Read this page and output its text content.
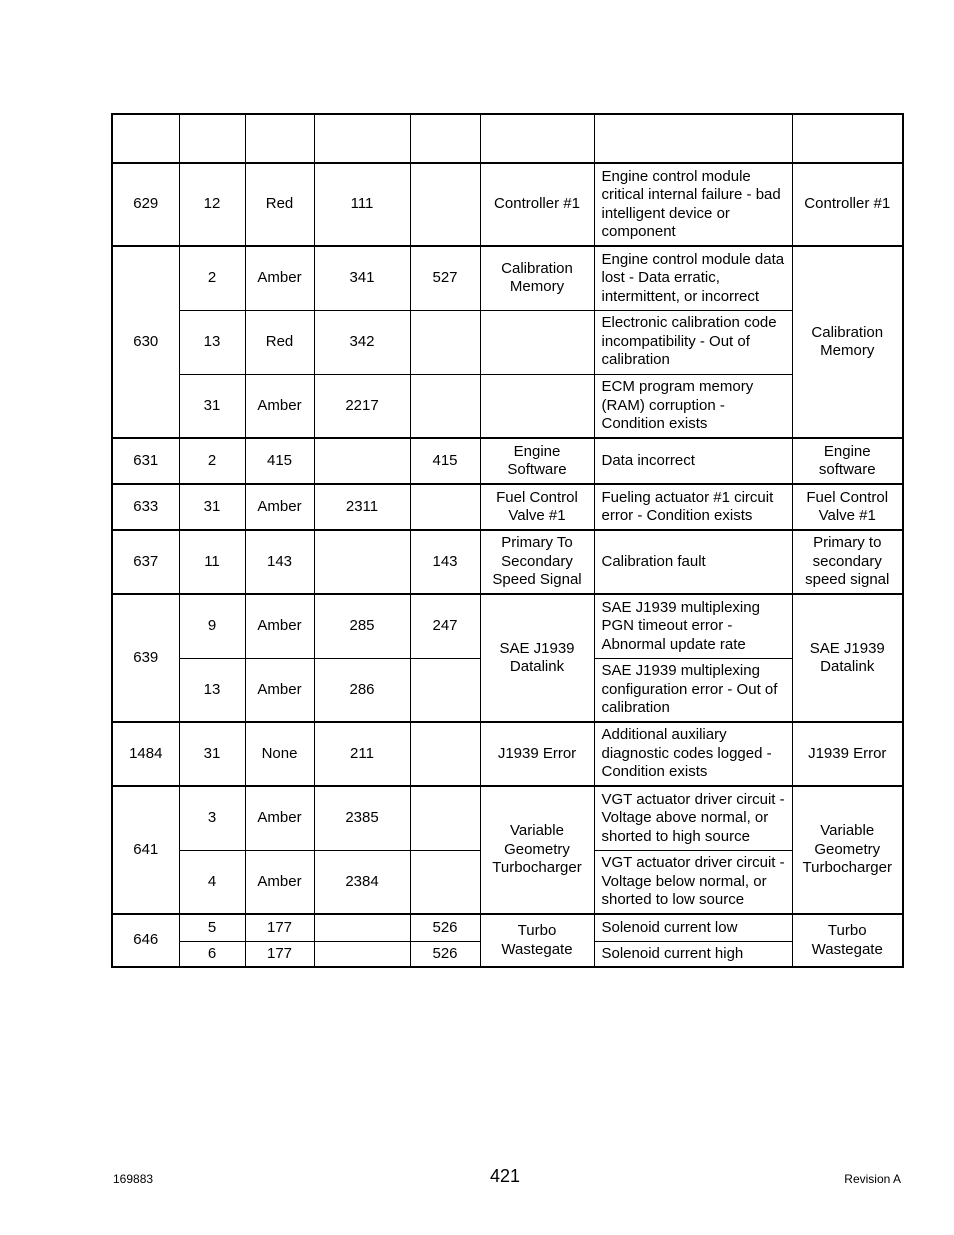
629	12	Red	111		Controller #1	Engine control module critical internal failure - bad intelligent device or component	Controller #1
630	2	Amber	341	527	Calibration Memory	Engine control module data lost - Data erratic, intermittent, or incorrect	Calibration Memory
	13	Red	342			Electronic calibration code incompatibility - Out of calibration	
	31	Amber	2217			ECM program memory (RAM) corruption - Condition exists	
631	2	415		415	Engine Software	Data incorrect	Engine software
633	31	Amber	2311		Fuel Control Valve #1	Fueling actuator #1 circuit error - Condition exists	Fuel Control Valve #1
637	11	143		143	Primary To Secondary Speed Signal	Calibration fault	Primary to secondary speed signal
639	9	Amber	285	247	SAE J1939 Datalink	SAE J1939 multiplexing PGN timeout error - Abnormal update rate	SAE J1939 Datalink
	13	Amber	286			SAE J1939 multiplexing configuration error - Out of calibration	
1484	31	None	211		J1939 Error	Additional auxiliary diagnostic codes logged - Condition exists	J1939 Error
641	3	Amber	2385		Variable Geometry Turbocharger	VGT actuator driver circuit - Voltage above normal, or shorted to high source	Variable Geometry Turbocharger
	4	Amber	2384			VGT actuator driver circuit - Voltage below normal, or shorted to low source	
646	5	177		526	Turbo Wastegate	Solenoid current low	Turbo Wastegate
	6	177		526		Solenoid current high	
169883	421	Revision A
